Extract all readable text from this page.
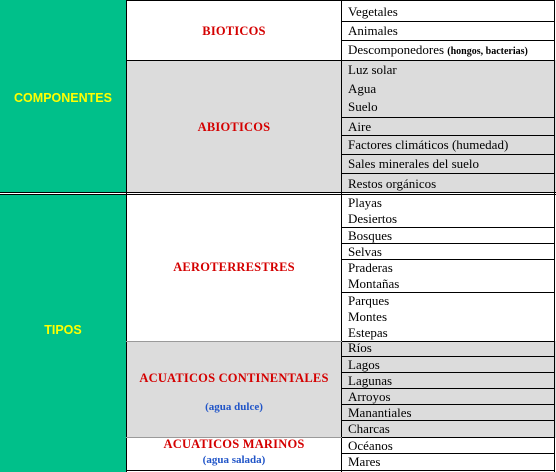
COMPONENTES
TIPOS
BIOTICOS
ABIOTICOS
AEROTERRESTRES
ACUATICOS CONTINENTALES
(agua dulce)
ACUATICOS MARINOS
(agua salada)
Vegetales
Animales
Descomponedores (hongos, bacterias)
Luz solar
Agua
Suelo
Aire
Factores climáticos (humedad)
Sales minerales del suelo
Restos orgánicos
Playas
Desiertos
Bosques
Selvas
Praderas
Montañas
Parques
Montes
Estepas
Ríos
Lagos
Lagunas
Arroyos
Manantiales
Charcas
Océanos
Mares
